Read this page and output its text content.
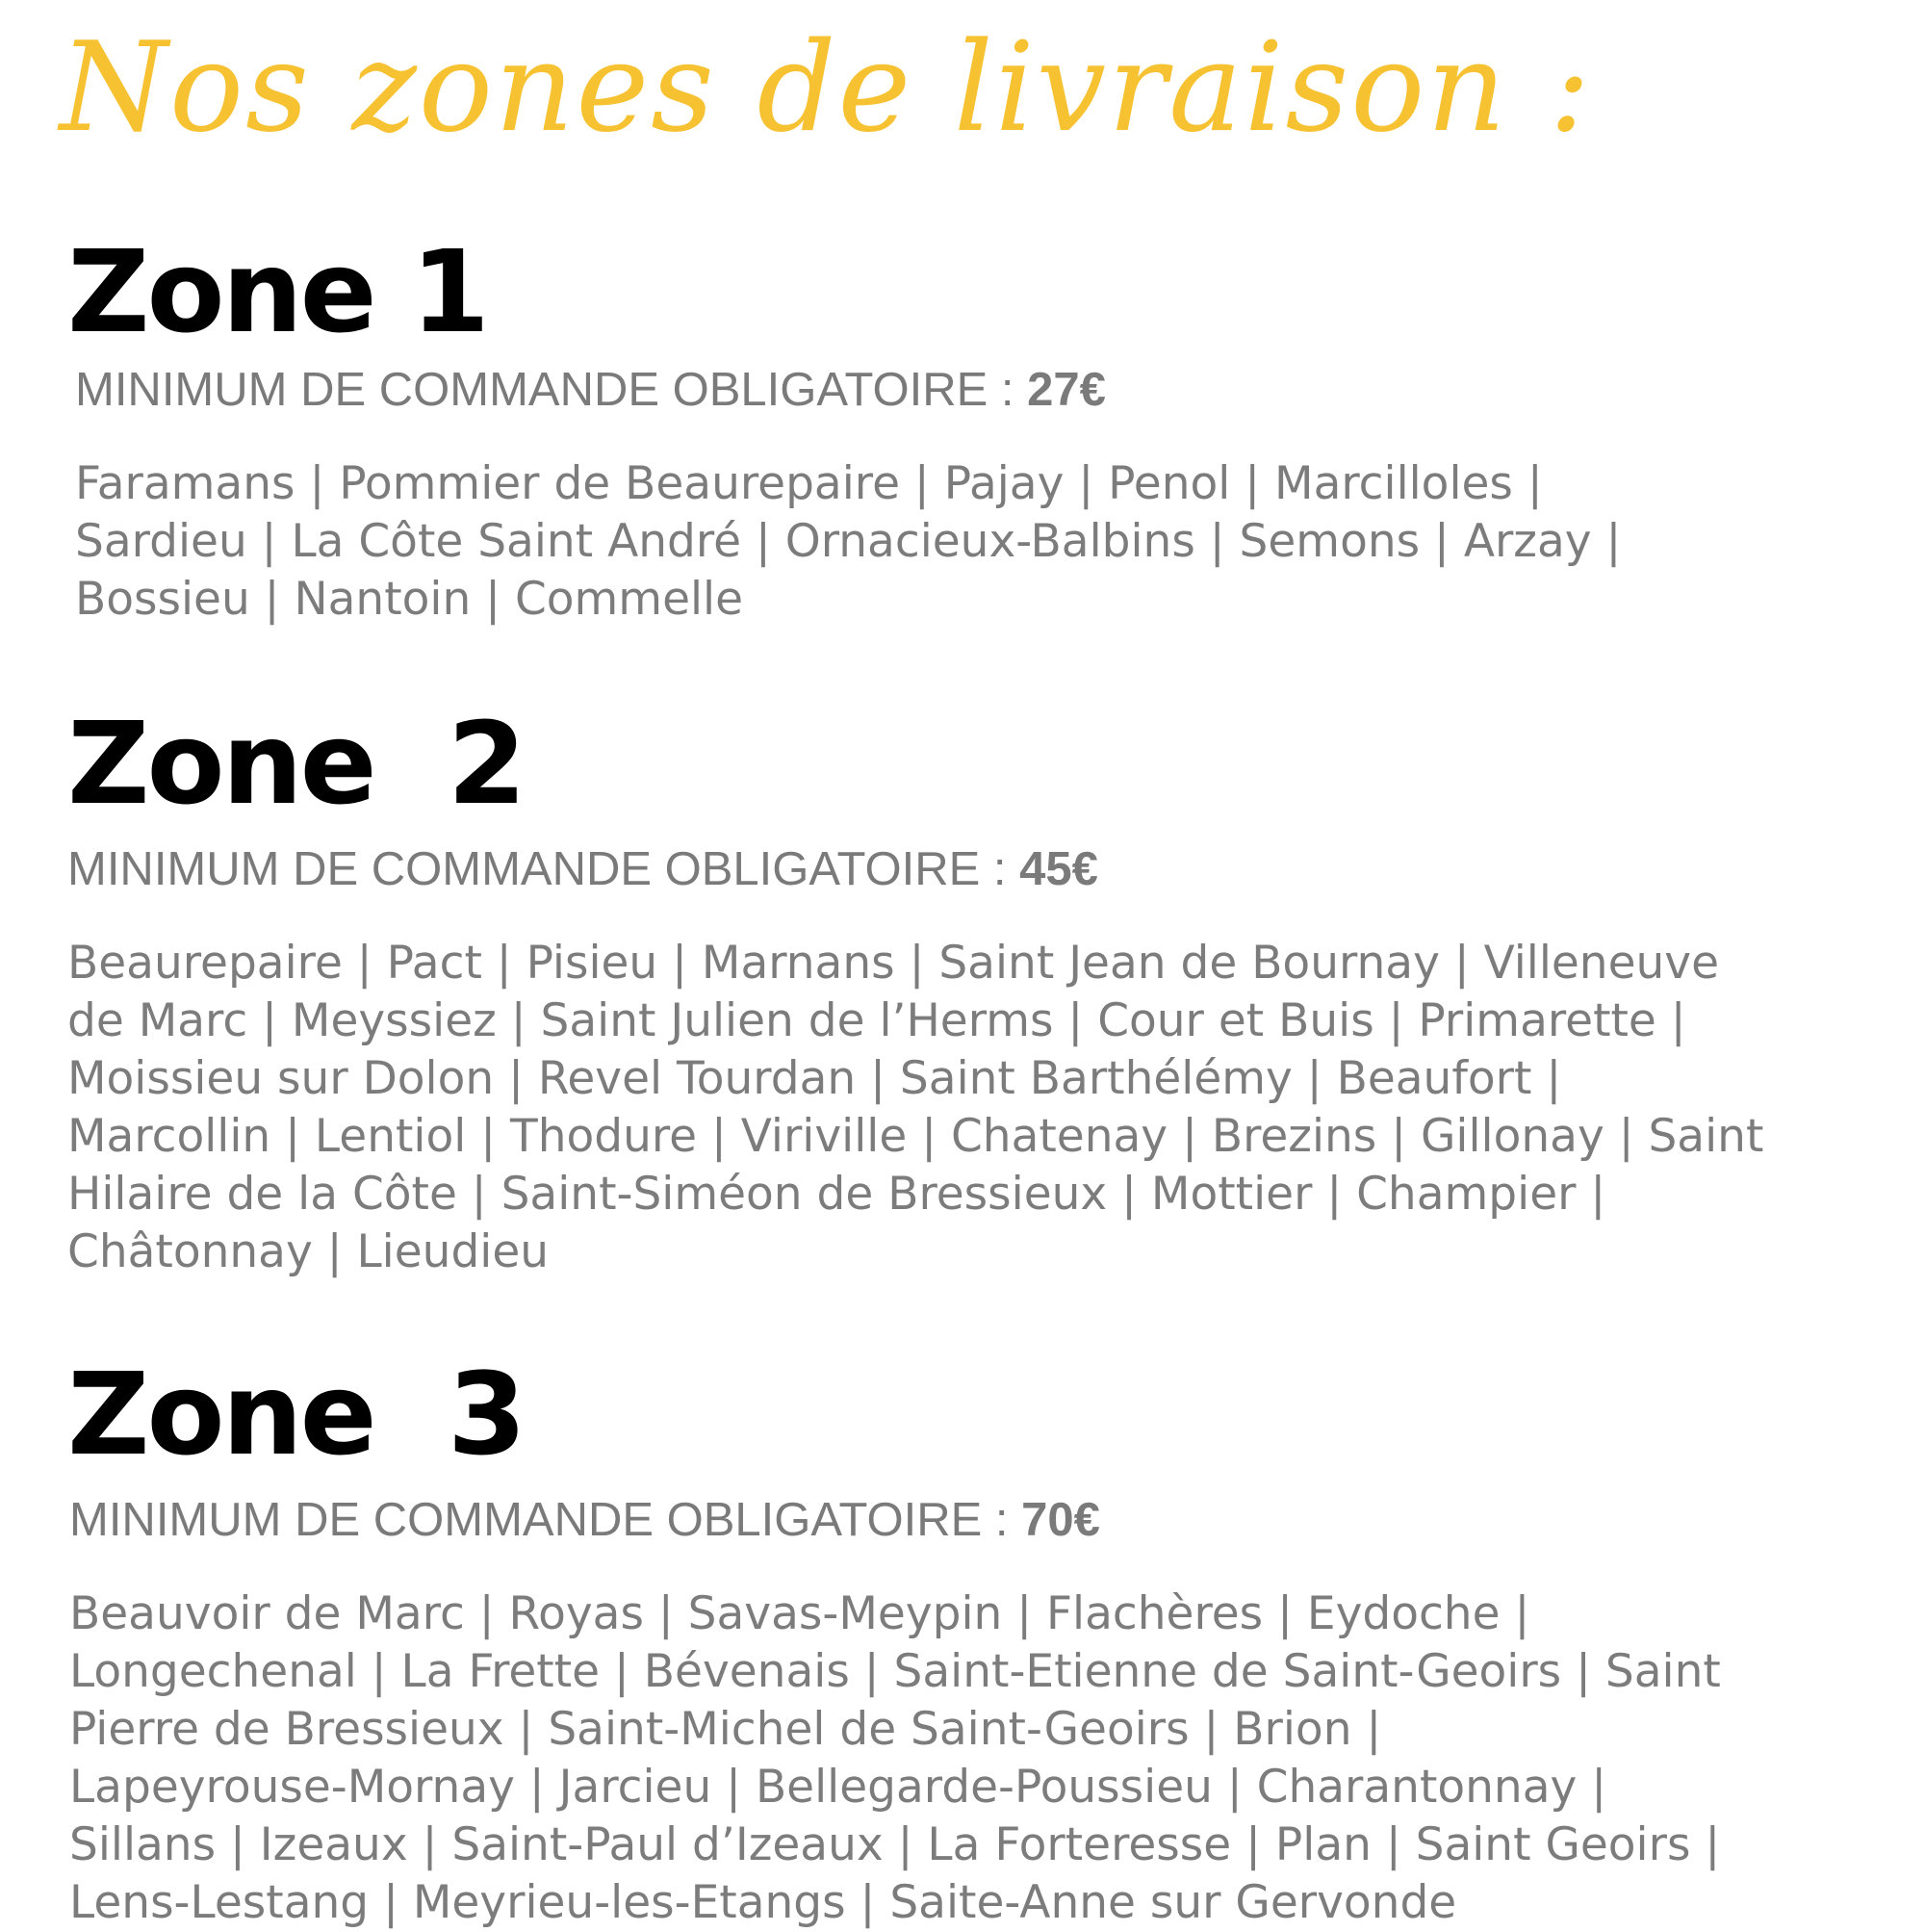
Nos zones de livraison :
Zone 1

MINIMUM DE COMMANDE OBLIGATOIRE : 27€

Faramans | Pommier de Beaurepaire | Pajay | Penol | Marcilloles |
Sardieu | La Côte Saint André | Ornacieux-Balbins | Semons | Arzay |
Bossieu | Nantoin | Commelle

Zone  2

MINIMUM DE COMMANDE OBLIGATOIRE : 45€

Beaurepaire | Pact | Pisieu | Marnans | Saint Jean de Bournay | Villeneuve
de Marc | Meyssiez | Saint Julien de l’Herms | Cour et Buis | Primarette |
Moissieu sur Dolon | Revel Tourdan | Saint Barthélémy | Beaufort |
Marcollin | Lentiol | Thodure | Viriville | Chatenay | Brezins | Gillonay | Saint
Hilaire de la Côte | Saint-Siméon de Bressieux | Mottier | Champier |
Châtonnay | Lieudieu

Zone  3

MINIMUM DE COMMANDE OBLIGATOIRE : 70€

Beauvoir de Marc | Royas | Savas-Meypin | Flachères | Eydoche |
Longechenal | La Frette | Bévenais | Saint-Etienne de Saint-Geoirs | Saint
Pierre de Bressieux | Saint-Michel de Saint-Geoirs | Brion |
Lapeyrouse-Mornay | Jarcieu | Bellegarde-Poussieu | Charantonnay |
Sillans | Izeaux | Saint-Paul d’Izeaux | La Forteresse | Plan | Saint Geoirs |
Lens-Lestang | Meyrieu-les-Etangs | Saite-Anne sur Gervonde
